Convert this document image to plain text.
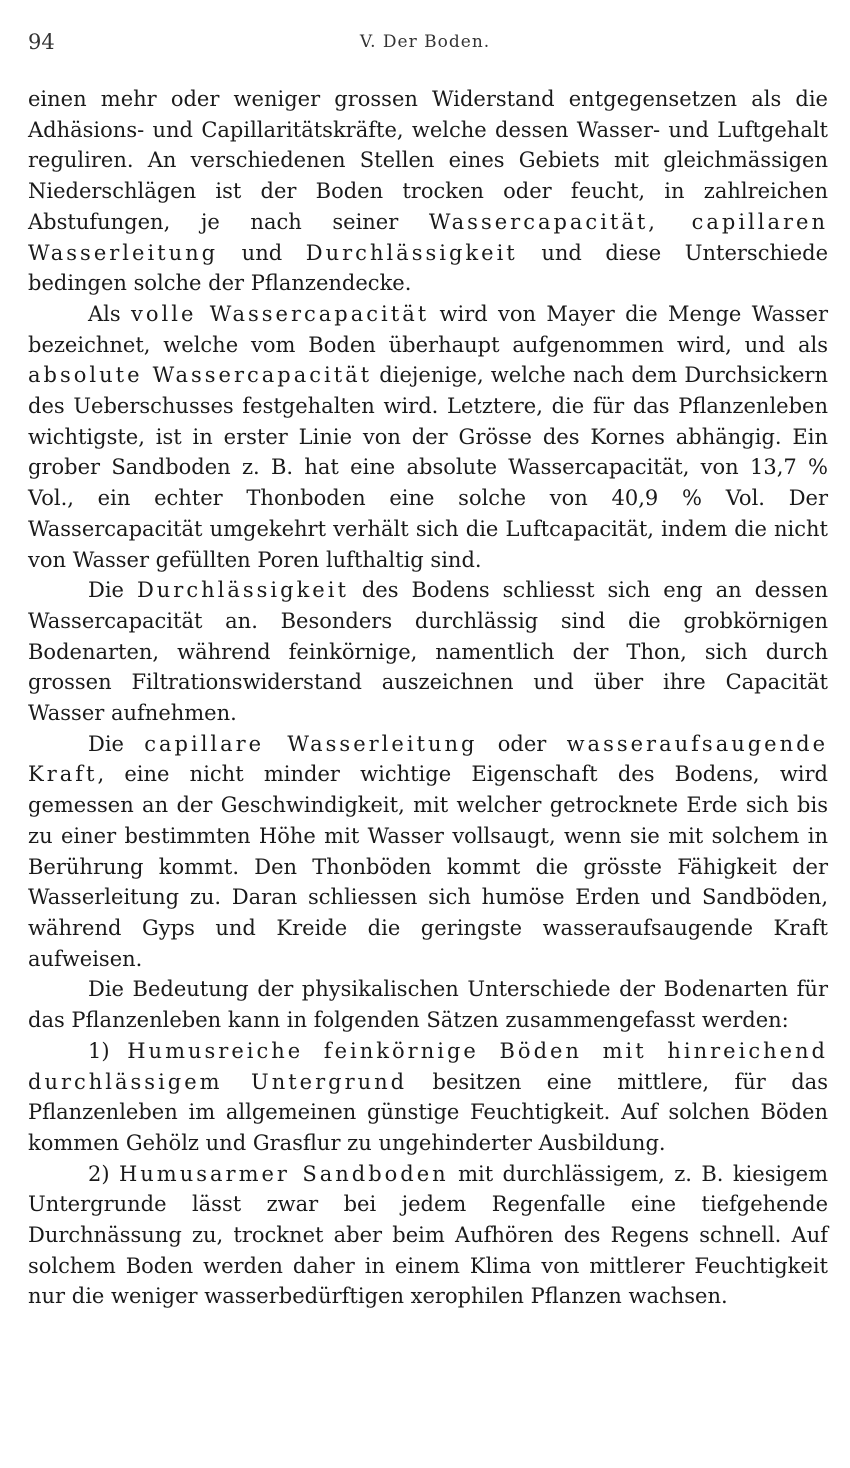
94	V. Der Boden.

einen mehr oder weniger grossen Widerstand entgegensetzen als die Adhäsions- und Capillaritätskräfte, welche dessen Wasser- und Luftgehalt reguliren. An verschiedenen Stellen eines Gebiets mit gleichmässigen Niederschlägen ist der Boden trocken oder feucht, in zahlreichen Abstufungen, je nach seiner Wassercapacität, capillaren Wasserleitung und Durchlässigkeit und diese Unterschiede bedingen solche der Pflanzendecke.

Als volle Wassercapacität wird von Mayer die Menge Wasser bezeichnet, welche vom Boden überhaupt aufgenommen wird, und als absolute Wassercapacität diejenige, welche nach dem Durchsickern des Ueberschusses festgehalten wird. Letztere, die für das Pflanzenleben wichtigste, ist in erster Linie von der Grösse des Kornes abhängig. Ein grober Sandboden z. B. hat eine absolute Wassercapacität, von 13,7 % Vol., ein echter Thonboden eine solche von 40,9 % Vol. Der Wassercapacität umgekehrt verhält sich die Luftcapacität, indem die nicht von Wasser gefüllten Poren lufthaltig sind.

Die Durchlässigkeit des Bodens schliesst sich eng an dessen Wassercapacität an. Besonders durchlässig sind die grobkörnigen Bodenarten, während feinkörnige, namentlich der Thon, sich durch grossen Filtrationswiderstand auszeichnen und über ihre Capacität Wasser aufnehmen.

Die capillare Wasserleitung oder wasseraufsaugende Kraft, eine nicht minder wichtige Eigenschaft des Bodens, wird gemessen an der Geschwindigkeit, mit welcher getrocknete Erde sich bis zu einer bestimmten Höhe mit Wasser vollsaugt, wenn sie mit solchem in Berührung kommt. Den Thonböden kommt die grösste Fähigkeit der Wasserleitung zu. Daran schliessen sich humöse Erden und Sandböden, während Gyps und Kreide die geringste wasseraufsaugende Kraft aufweisen.

Die Bedeutung der physikalischen Unterschiede der Bodenarten für das Pflanzenleben kann in folgenden Sätzen zusammengefasst werden:

1) Humusreiche feinkörnige Böden mit hinreichend durchlässigem Untergrund besitzen eine mittlere, für das Pflanzenleben im allgemeinen günstige Feuchtigkeit. Auf solchen Böden kommen Gehölz und Grasflur zu ungehinderter Ausbildung.

2) Humusarmer Sandboden mit durchlässigem, z. B. kiesigem Untergrunde lässt zwar bei jedem Regenfalle eine tiefgehende Durchnässung zu, trocknet aber beim Aufhören des Regens schnell. Auf solchem Boden werden daher in einem Klima von mittlerer Feuchtigkeit nur die weniger wasserbedürftigen xerophilen Pflanzen wachsen.
